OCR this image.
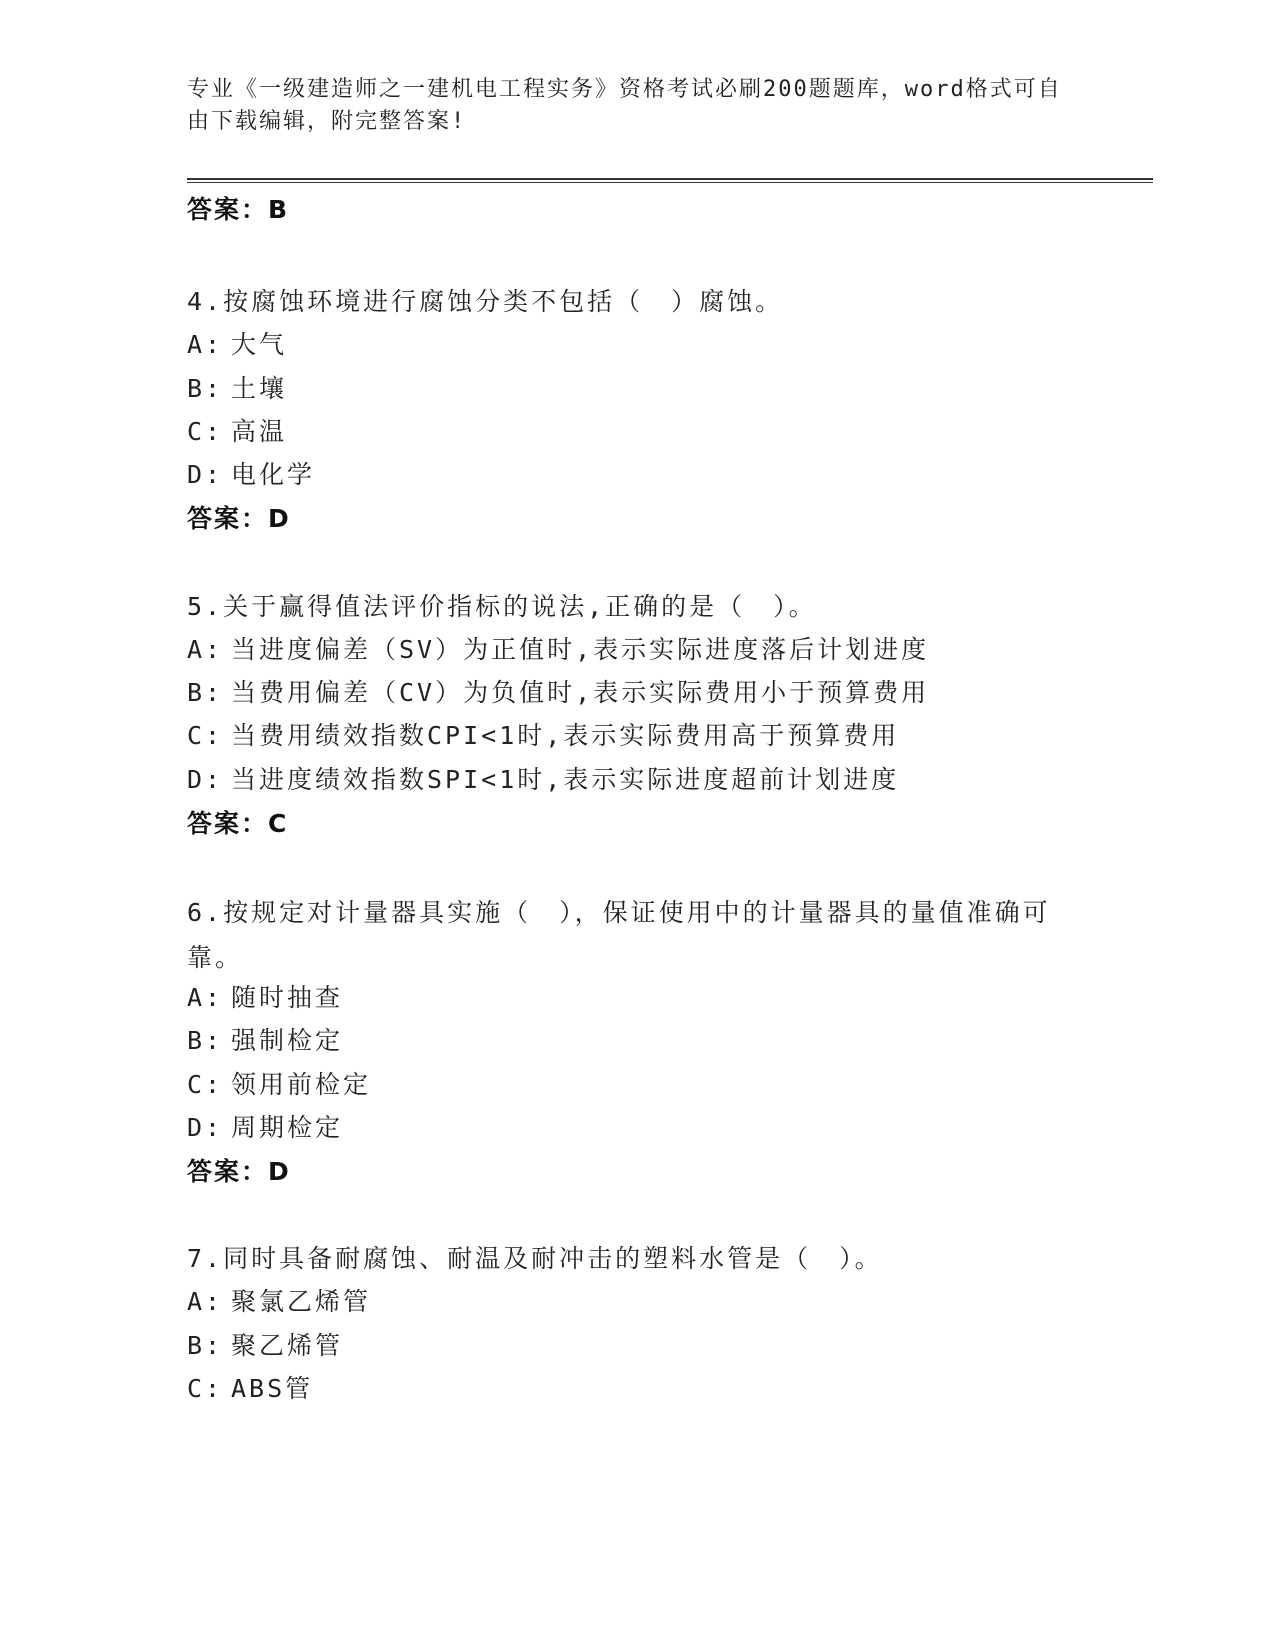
专业《一级建造师之一建机电工程实务》资格考试必刷200题题库，word格式可自由下载编辑，附完整答案!
答案：B
4.按腐蚀环境进行腐蚀分类不包括（　）腐蚀。
A: 大气
B: 土壤
C: 高温
D: 电化学
答案：D
5.关于赢得值法评价指标的说法,正确的是（　）。
A: 当进度偏差（SV）为正值时,表示实际进度落后计划进度
B: 当费用偏差（CV）为负值时,表示实际费用小于预算费用
C: 当费用绩效指数CPI<1时,表示实际费用高于预算费用
D: 当进度绩效指数SPI<1时,表示实际进度超前计划进度
答案：C
6.按规定对计量器具实施（　），保证使用中的计量器具的量值准确可靠。
A: 随时抽查
B: 强制检定
C: 领用前检定
D: 周期检定
答案：D
7.同时具备耐腐蚀、耐温及耐冲击的塑料水管是（　）。
A: 聚氯乙烯管
B: 聚乙烯管
C: ABS管
